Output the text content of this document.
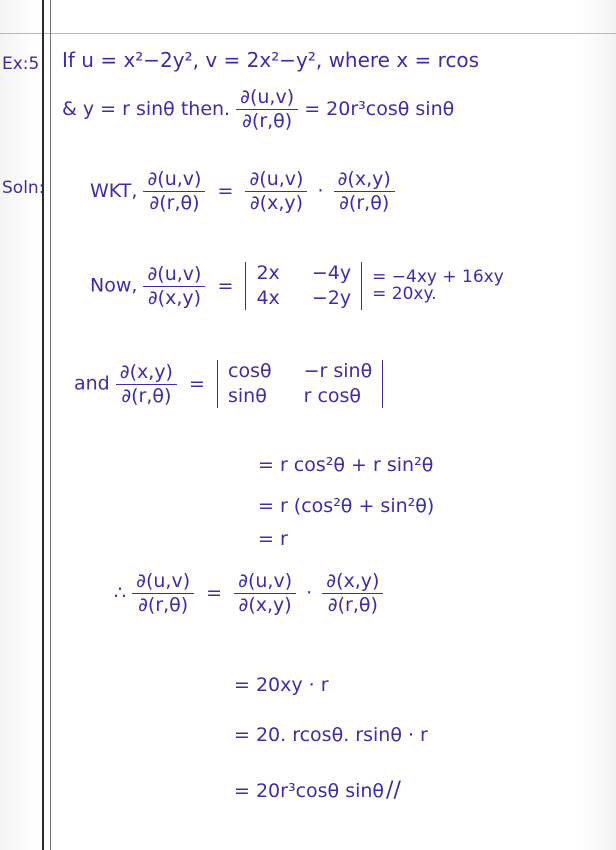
Ex:5 If u = x²−2y², v = 2x²−y², where x = rcos
& y = r sinθ then. $\frac{\partial(u,v)}{\partial(r,\theta)} = 20r^3\cos\theta$ sinθ
Soln: WKT, $\frac{\partial(u,v)}{\partial(r,\theta)} = \frac{\partial(u,v)}{\partial(x,y)} \cdot \frac{\partial(x,y)}{\partial(r,\theta)}$
Now, $\frac{\partial(u,v)}{\partial(x,y)}$ =
2x −4y
4x −2y

= −4xy + 16xy
= 20xy.
and $\frac{\partial(x,y)}{\partial(r,\theta)}$ =
cosθ −r sinθ
sinθ r cosθ
= r cos²θ + r sin²θ
= r (cos²θ + sin²θ)
= r
∴ $\frac{\partial(u,v)}{\partial(r,\theta)} = \frac{\partial(u,v)}{\partial(x,y)} \cdot \frac{\partial(x,y)}{\partial(r,\theta)}$
= 20xy · r
= 20. rcosθ. rsinθ · r
= 20r³cosθ sinθ//
